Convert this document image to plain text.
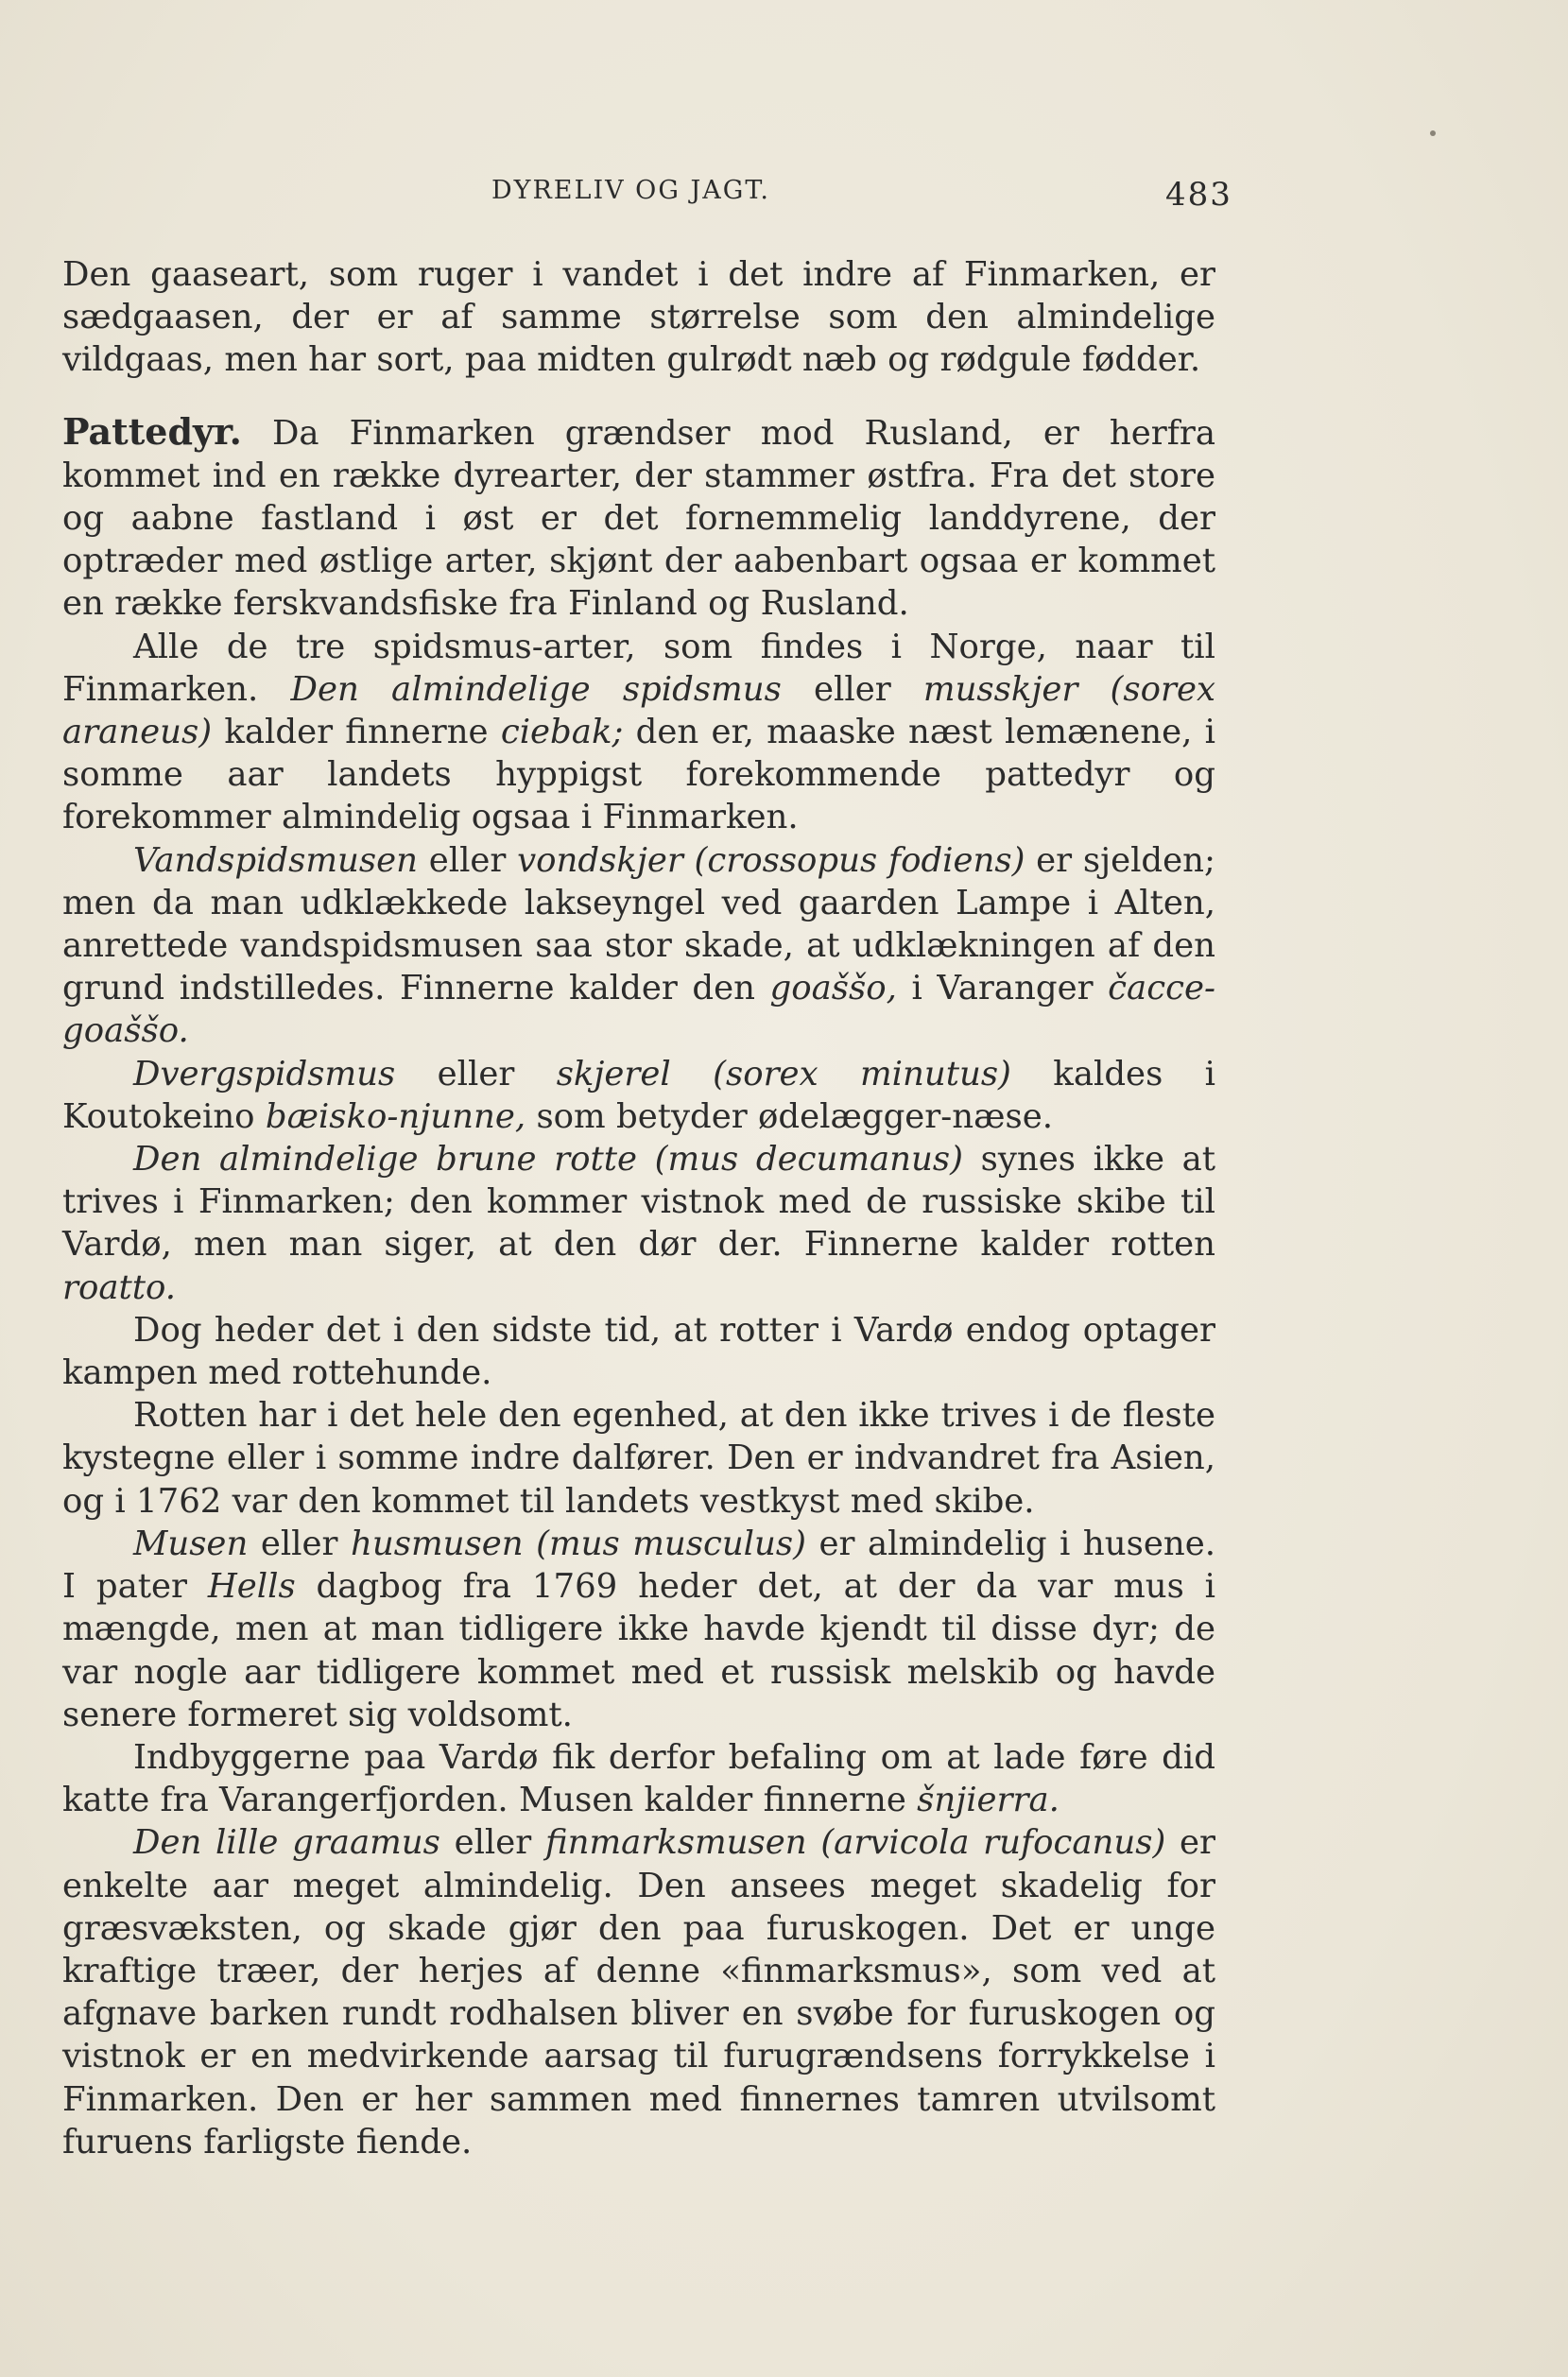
DYRELIV OG JAGT.	483

Den gaaseart, som ruger i vandet i det indre af Finmarken, er sædgaasen, der er af samme størrelse som den almindelige vildgaas, men har sort, paa midten gulrødt næb og rødgule fødder.

Pattedyr. Da Finmarken grændser mod Rusland, er herfra kommet ind en række dyrearter, der stammer østfra. Fra det store og aabne fastland i øst er det fornemmelig landdyrene, der optræder med østlige arter, skjønt der aabenbart ogsaa er kommet en række ferskvandsfiske fra Finland og Rusland.

Alle de tre spidsmus-arter, som findes i Norge, naar til Finmarken. Den almindelige spidsmus eller musskjer (sorex araneus) kalder finnerne ciebak; den er, maaske næst lemænene, i somme aar landets hyppigst forekommende pattedyr og forekommer almindelig ogsaa i Finmarken.

Vandspidsmusen eller vondskjer (crossopus fodiens) er sjelden; men da man udklækkede lakseyngel ved gaarden Lampe i Alten, anrettede vandspidsmusen saa stor skade, at udklækningen af den grund indstilledes. Finnerne kalder den goaššo, i Varanger čacce-goaššo.

Dvergspidsmus eller skjerel (sorex minutus) kaldes i Koutokeino bæisko-njunne, som betyder ødelægger-næse.

Den almindelige brune rotte (mus decumanus) synes ikke at trives i Finmarken; den kommer vistnok med de russiske skibe til Vardø, men man siger, at den dør der. Finnerne kalder rotten roatto.

Dog heder det i den sidste tid, at rotter i Vardø endog optager kampen med rottehunde.

Rotten har i det hele den egenhed, at den ikke trives i de fleste kystegne eller i somme indre dalfører. Den er indvandret fra Asien, og i 1762 var den kommet til landets vestkyst med skibe.

Musen eller husmusen (mus musculus) er almindelig i husene. I pater Hells dagbog fra 1769 heder det, at der da var mus i mængde, men at man tidligere ikke havde kjendt til disse dyr; de var nogle aar tidligere kommet med et russisk melskib og havde senere formeret sig voldsomt.

Indbyggerne paa Vardø fik derfor befaling om at lade føre did katte fra Varangerfjorden. Musen kalder finnerne šnjierra.

Den lille graamus eller finmarksmusen (arvicola rufocanus) er enkelte aar meget almindelig. Den ansees meget skadelig for græsvæksten, og skade gjør den paa furuskogen. Det er unge kraftige træer, der herjes af denne «finmarksmus», som ved at afgnave barken rundt rodhalsen bliver en svøbe for furuskogen og vistnok er en medvirkende aarsag til furugrændsens forrykkelse i Finmarken. Den er her sammen med finnernes tamren utvilsomt furuens farligste fiende.
